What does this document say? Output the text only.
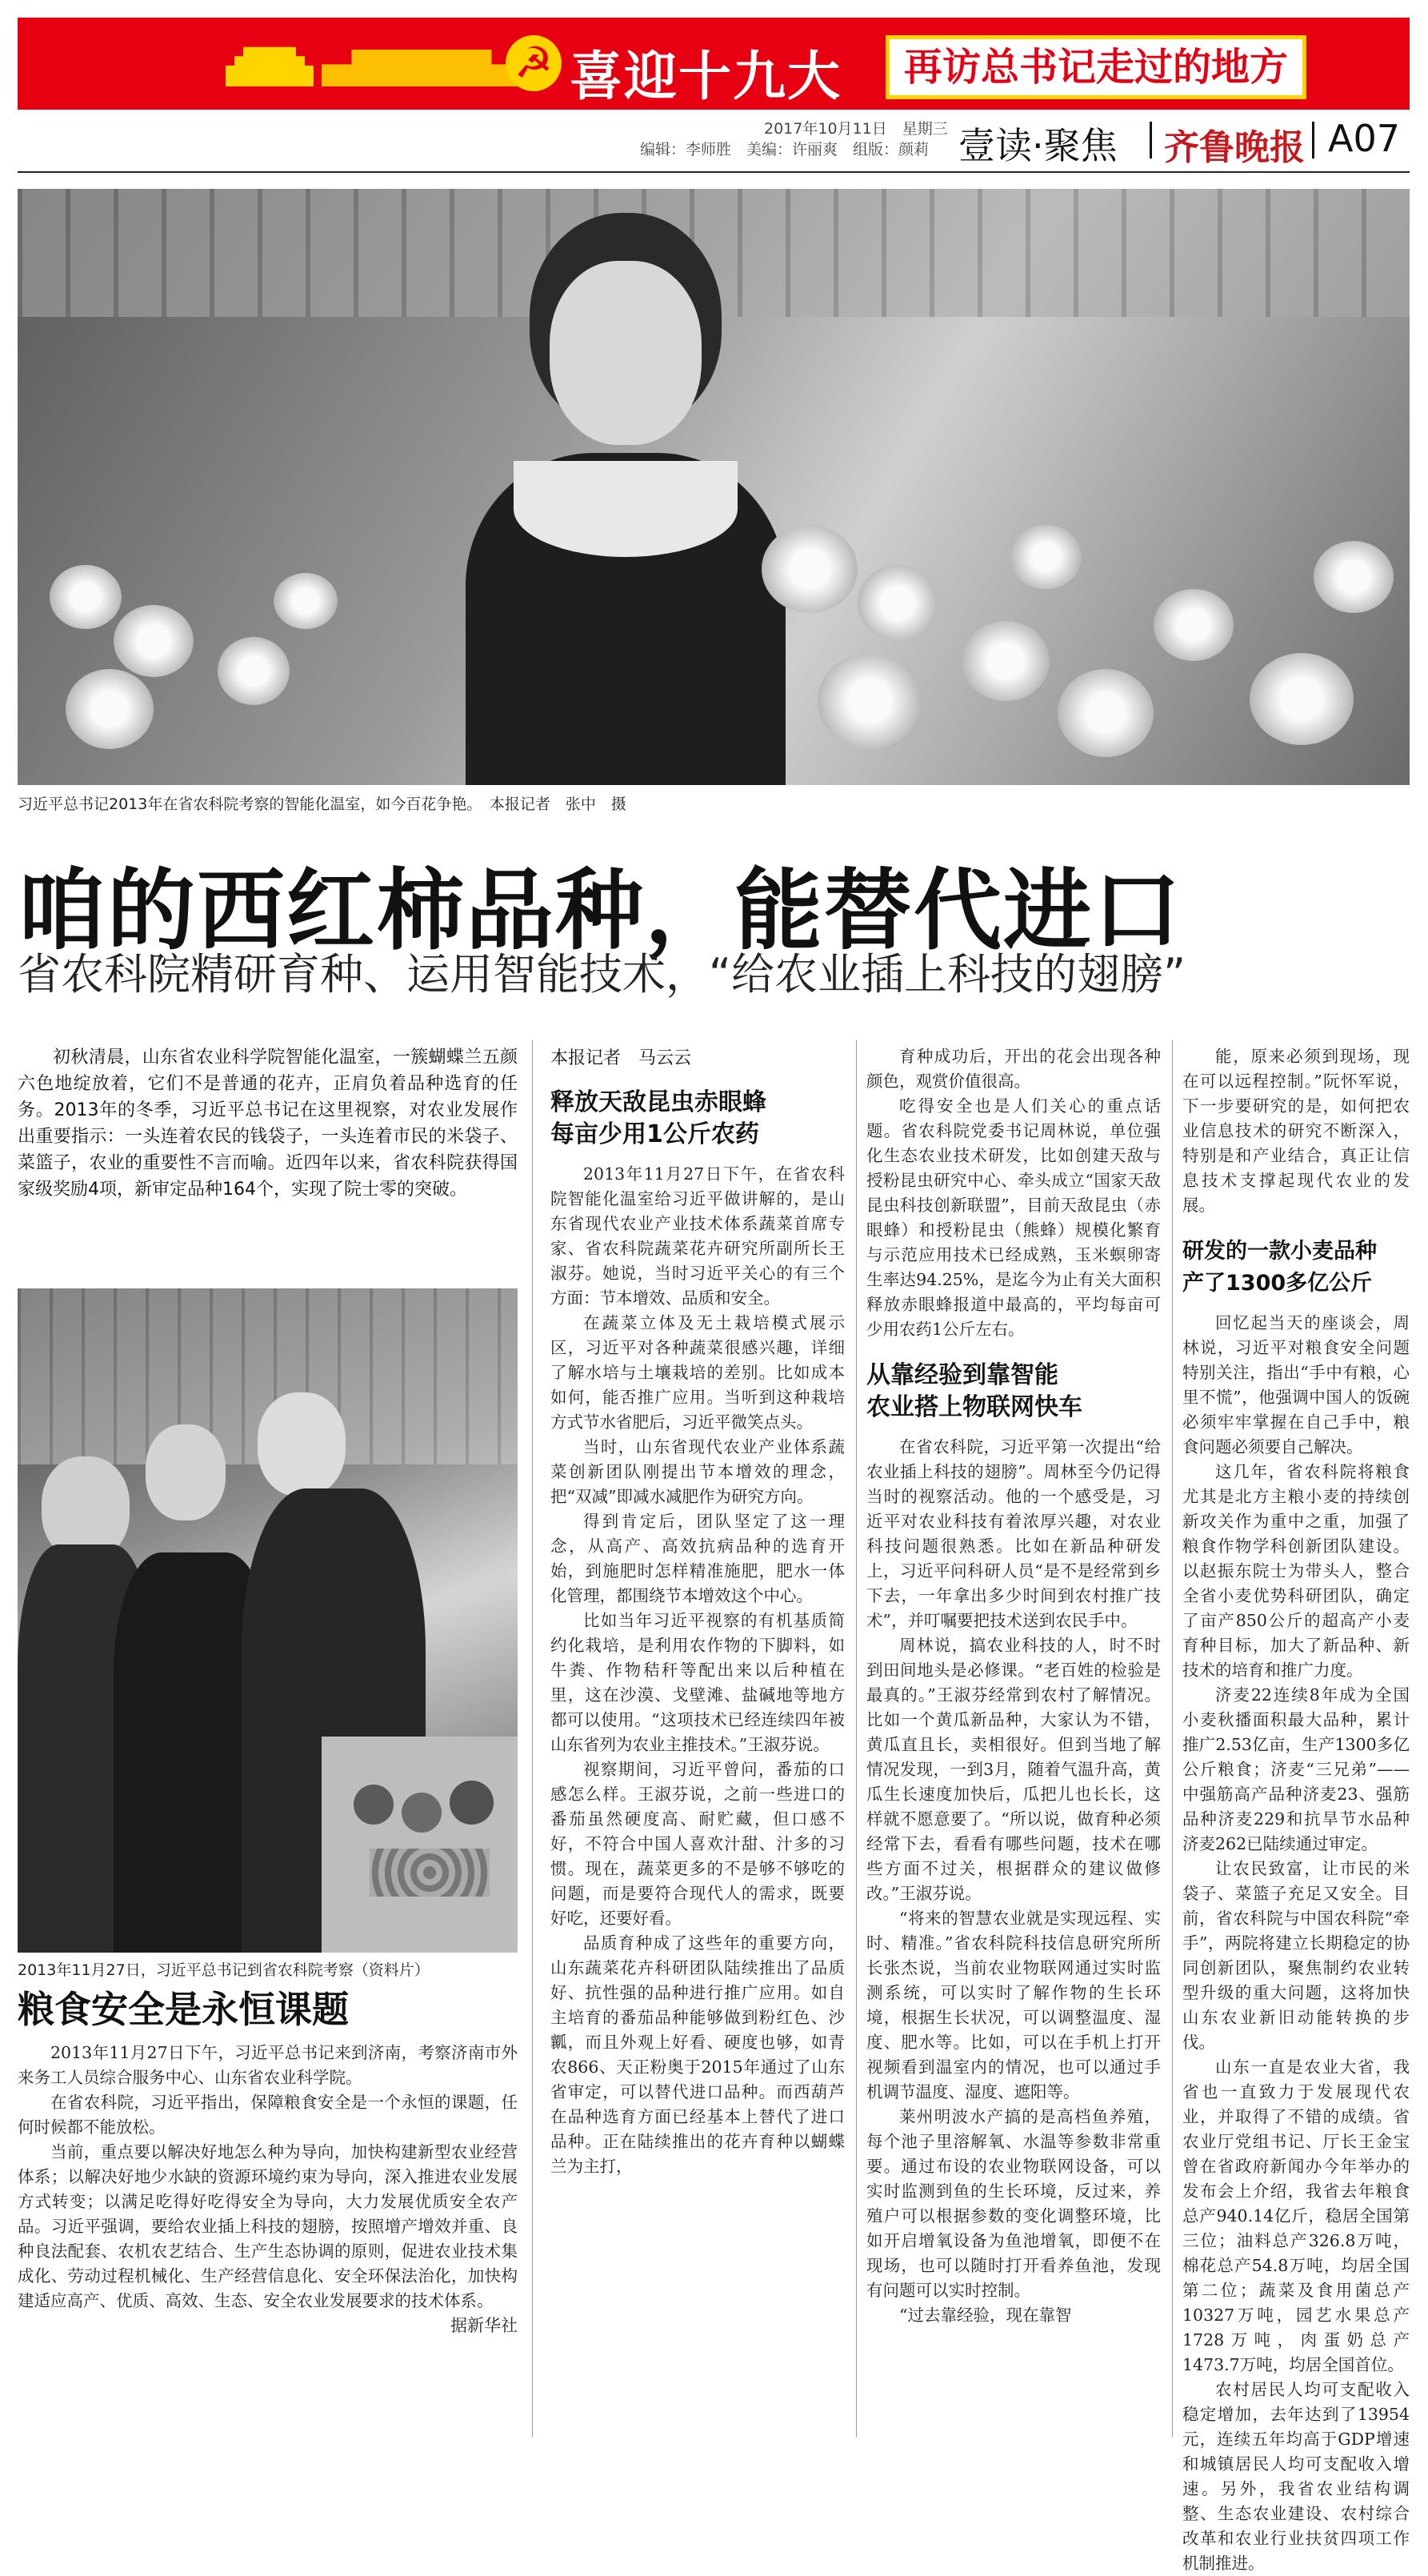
☭ 喜迎十九大	再访总书记走过的地方
2017年10月11日　星期三
编辑：李师胜　美编：许丽爽　组版：颜莉 壹读·聚焦 齐鲁晚报 A07
习近平总书记2013年在省农科院考察的智能化温室，如今百花争艳。　本报记者　张中　摄
咱的西红柿品种，能替代进口
省农科院精研育种、运用智能技术，“给农业插上科技的翅膀”

初秋清晨，山东省农业科学院智能化温室，一簇蝴蝶兰五颜六色地绽放着，它们不是普通的花卉，正肩负着品种选育的任务。2013年的冬季，习近平总书记在这里视察，对农业发展作出重要指示：一头连着农民的钱袋子，一头连着市民的米袋子、菜篮子，农业的重要性不言而喻。近四年以来，省农科院获得国家级奖励4项，新审定品种164个，实现了院士零的突破。

2013年11月27日，习近平总书记到省农科院考察（资料片）
粮食安全是永恒课题

2013年11月27日下午，习近平总书记来到济南，考察济南市外来务工人员综合服务中心、山东省农业科学院。

在省农科院，习近平指出，保障粮食安全是一个永恒的课题，任何时候都不能放松。

当前，重点要以解决好地怎么种为导向，加快构建新型农业经营体系；以解决好地少水缺的资源环境约束为导向，深入推进农业发展方式转变；以满足吃得好吃得安全为导向，大力发展优质安全农产品。习近平强调，要给农业插上科技的翅膀，按照增产增效并重、良种良法配套、农机农艺结合、生产生态协调的原则，促进农业技术集成化、劳动过程机械化、生产经营信息化、安全环保法治化，加快构建适应高产、优质、高效、生态、安全农业发展要求的技术体系。

据新华社
本报记者　马云云
释放天敌昆虫赤眼蜂
每亩少用1公斤农药

2013年11月27日下午，在省农科院智能化温室给习近平做讲解的，是山东省现代农业产业技术体系蔬菜首席专家、省农科院蔬菜花卉研究所副所长王淑芬。她说，当时习近平关心的有三个方面：节本增效、品质和安全。

在蔬菜立体及无土栽培模式展示区，习近平对各种蔬菜很感兴趣，详细了解水培与土壤栽培的差别。比如成本如何，能否推广应用。当听到这种栽培方式节水省肥后，习近平微笑点头。

当时，山东省现代农业产业体系蔬菜创新团队刚提出节本增效的理念，把“双减”即减水减肥作为研究方向。

得到肯定后，团队坚定了这一理念，从高产、高效抗病品种的选育开始，到施肥时怎样精准施肥，肥水一体化管理，都围绕节本增效这个中心。

比如当年习近平视察的有机基质简约化栽培，是利用农作物的下脚料，如牛粪、作物秸秆等配出来以后种植在里，这在沙漠、戈壁滩、盐碱地等地方都可以使用。“这项技术已经连续四年被山东省列为农业主推技术。”王淑芬说。

视察期间，习近平曾问，番茄的口感怎么样。王淑芬说，之前一些进口的番茄虽然硬度高、耐贮藏，但口感不好，不符合中国人喜欢汁甜、汁多的习惯。现在，蔬菜更多的不是够不够吃的问题，而是要符合现代人的需求，既要好吃，还要好看。

品质育种成了这些年的重要方向，山东蔬菜花卉科研团队陆续推出了品质好、抗性强的品种进行推广应用。如自主培育的番茄品种能够做到粉红色、沙瓤，而且外观上好看、硬度也够，如青农866、天正粉奥于2015年通过了山东省审定，可以替代进口品种。而西葫芦在品种选育方面已经基本上替代了进口品种。正在陆续推出的花卉育种以蝴蝶兰为主打，

育种成功后，开出的花会出现各种颜色，观赏价值很高。

吃得安全也是人们关心的重点话题。省农科院党委书记周林说，单位强化生态农业技术研发，比如创建天敌与授粉昆虫研究中心、牵头成立“国家天敌昆虫科技创新联盟”，目前天敌昆虫（赤眼蜂）和授粉昆虫（熊蜂）规模化繁育与示范应用技术已经成熟，玉米螟卵寄生率达94.25%，是迄今为止有关大面积释放赤眼蜂报道中最高的，平均每亩可少用农药1公斤左右。

从靠经验到靠智能
农业搭上物联网快车

在省农科院，习近平第一次提出“给农业插上科技的翅膀”。周林至今仍记得当时的视察活动。他的一个感受是，习近平对农业科技有着浓厚兴趣，对农业科技问题很熟悉。比如在新品种研发上，习近平问科研人员“是不是经常到乡下去，一年拿出多少时间到农村推广技术”，并叮嘱要把技术送到农民手中。

周林说，搞农业科技的人，时不时到田间地头是必修课。“老百姓的检验是最真的。”王淑芬经常到农村了解情况。比如一个黄瓜新品种，大家认为不错，黄瓜直且长，卖相很好。但到当地了解情况发现，一到3月，随着气温升高，黄瓜生长速度加快后，瓜把儿也长长，这样就不愿意要了。“所以说，做育种必须经常下去，看看有哪些问题，技术在哪些方面不过关，根据群众的建议做修改。”王淑芬说。

“将来的智慧农业就是实现远程、实时、精准。”省农科院科技信息研究所所长张杰说，当前农业物联网通过实时监测系统，可以实时了解作物的生长环境，根据生长状况，可以调整温度、湿度、肥水等。比如，可以在手机上打开视频看到温室内的情况，也可以通过手机调节温度、湿度、遮阳等。

莱州明波水产搞的是高档鱼养殖，每个池子里溶解氧、水温等参数非常重要。通过布设的农业物联网设备，可以实时监测到鱼的生长环境，反过来，养殖户可以根据参数的变化调整环境，比如开启增氧设备为鱼池增氧，即便不在现场，也可以随时打开看养鱼池，发现有问题可以实时控制。

“过去靠经验，现在靠智

能，原来必须到现场，现在可以远程控制。”阮怀军说，下一步要研究的是，如何把农业信息技术的研究不断深入，特别是和产业结合，真正让信息技术支撑起现代农业的发展。

研发的一款小麦品种
产了1300多亿公斤

回忆起当天的座谈会，周林说，习近平对粮食安全问题特别关注，指出“手中有粮，心里不慌”，他强调中国人的饭碗必须牢牢掌握在自己手中，粮食问题必须要自己解决。

这几年，省农科院将粮食尤其是北方主粮小麦的持续创新攻关作为重中之重，加强了粮食作物学科创新团队建设。以赵振东院士为带头人，整合全省小麦优势科研团队，确定了亩产850公斤的超高产小麦育种目标，加大了新品种、新技术的培育和推广力度。

济麦22连续8年成为全国小麦秋播面积最大品种，累计推广2.53亿亩，生产1300多亿公斤粮食；济麦“三兄弟”——中强筋高产品种济麦23、强筋品种济麦229和抗旱节水品种济麦262已陆续通过审定。

让农民致富，让市民的米袋子、菜篮子充足又安全。目前，省农科院与中国农科院“牵手”，两院将建立长期稳定的协同创新团队，聚焦制约农业转型升级的重大问题，这将加快山东农业新旧动能转换的步伐。

山东一直是农业大省，我省也一直致力于发展现代农业，并取得了不错的成绩。省农业厅党组书记、厅长王金宝曾在省政府新闻办今年举办的发布会上介绍，我省去年粮食总产940.14亿斤，稳居全国第三位；油料总产326.8万吨，棉花总产54.8万吨，均居全国第二位；蔬菜及食用菌总产10327万吨，园艺水果总产1728万吨，肉蛋奶总产1473.7万吨，均居全国首位。

农村居民人均可支配收入稳定增加，去年达到了13954元，连续五年均高于GDP增速和城镇居民人均可支配收入增速。另外，我省农业结构调整、生态农业建设、农村综合改革和农业行业扶贫四项工作机制推进。
